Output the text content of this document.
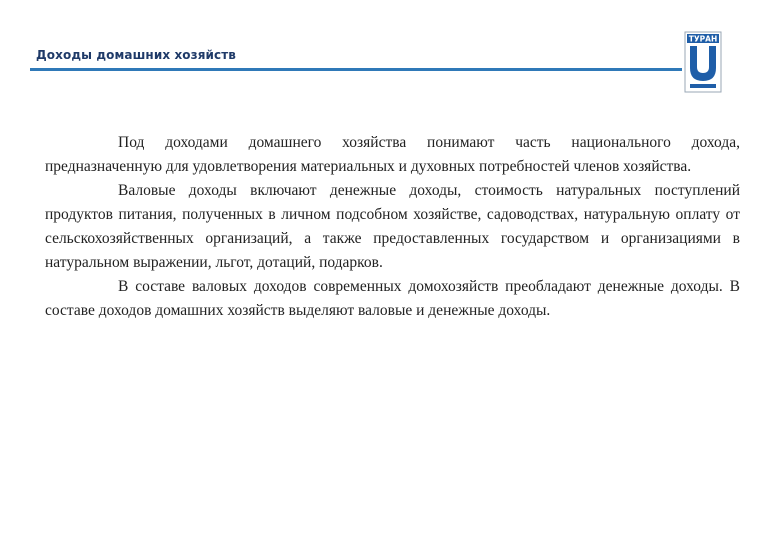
Доходы домашних хозяйств
ТУРАН

Под доходами домашнего хозяйства понимают часть национального дохода, предназначенную для удовлетворения материальных и духовных потребностей членов хозяйства.

Валовые доходы включают денежные доходы, стоимость натуральных поступлений продуктов питания, полученных в личном подсобном хозяйстве, садоводствах, натуральную оплату от сельскохозяйственных организаций, а также предоставленных государством и организациями в натуральном выражении, льгот, дотаций, подарков.

В составе валовых доходов современных домохозяйств преобладают денежные доходы. В составе доходов домашних хозяйств выделяют валовые и денежные доходы.
